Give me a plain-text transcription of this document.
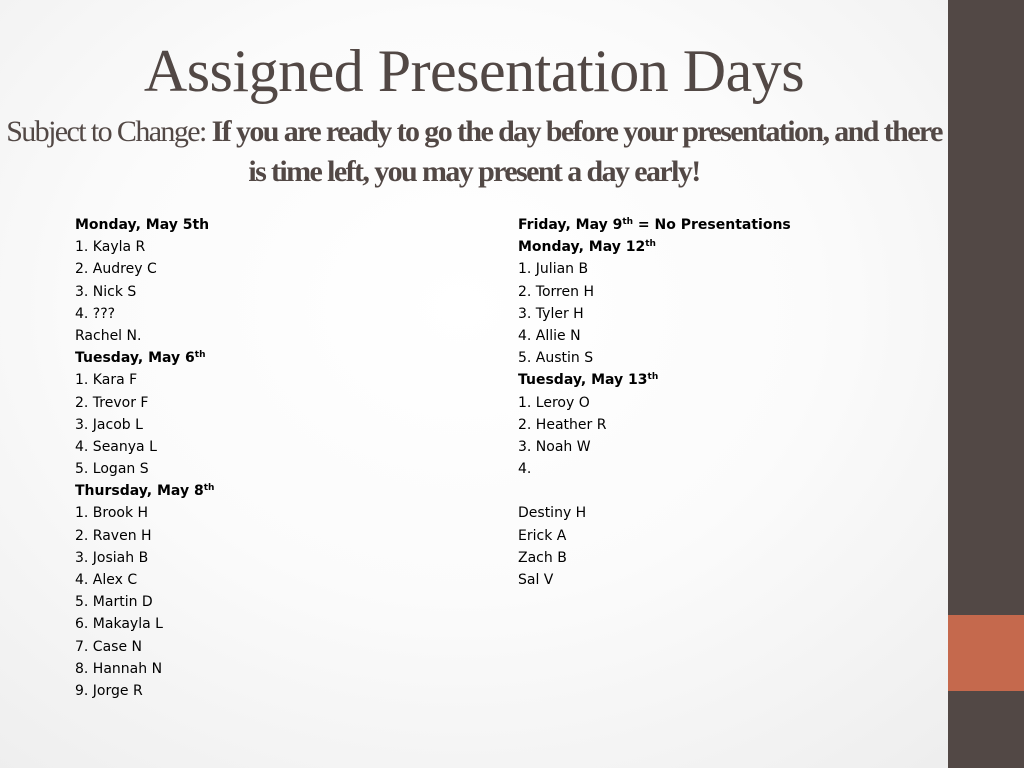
Assigned Presentation Days
Subject to Change: If you are ready to go the day before your presentation, and there is time left, you may present a day early!
Monday, May 5th
1. Kayla R
2. Audrey C
3. Nick S
4. ???
Rachel N.
Tuesday, May 6th
1. Kara F
2. Trevor F
3. Jacob L
4. Seanya L
5. Logan S
Thursday, May 8th
1. Brook H
2. Raven H
3. Josiah B
4. Alex C
5. Martin D
6. Makayla L
7. Case N
8. Hannah N
9. Jorge R
Friday, May 9th = No Presentations
Monday, May 12th
1. Julian B
2. Torren H
3. Tyler H
4. Allie N
5. Austin S
Tuesday, May 13th
1. Leroy O
2. Heather R
3. Noah W
4.
Destiny H
Erick A
Zach B
Sal V
